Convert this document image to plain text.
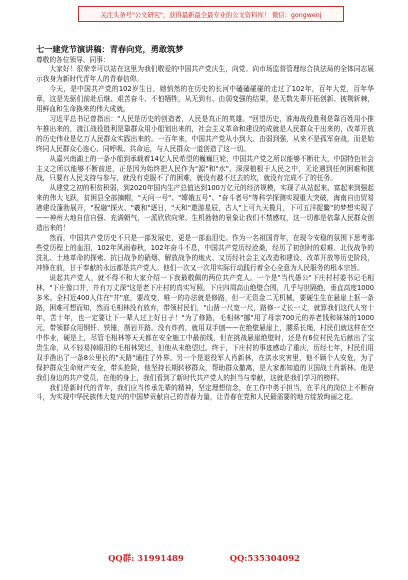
关注头条号"公文研究"，获得最新最全最专业的公文资料库！ 微信：gongwenj

七一建党节演讲稿：青春向党，勇敢筑梦

尊敬的各位领导、同事：

大家好！很荣幸可以站在这里为我们敬爱的中国共产党庆生，向党、向市场监督管理综合执法局的全体同志展示我身为新时代青年人的青春信仰。

今天，是中国共产党的102岁生日，她悄然的在历史的长河中磕磕碰碰的走过了102年，百年大党，百年华章，这是先驱们前赴后继、艰苦奋斗、不怕牺牲，从无到有、由弱变强的结果，是无数先辈开拓创新、披荆斩棘，用鲜血和生命换来的伟大成就。

习近平总书记曾指出："人民是历史的创造者，人民是真正的英雄。"回望历史，准海战役胜利是靠百姓用小推车推出来的，渡江战役胜利是靠群众用小船划出来的，社会主义革命和建设的成就是人民群众干出来的，改革开放的历史伟业是亿万人民群众实践出来的。一百年来，中国共产党从小到大、由弱到强，从来不是孤军奋战，而是始终同人民群众心连心、同呼吸、共命运，与人民群众一道创造了这一切。

从嘉兴南湖上的一条小船到承载着14亿人民希望的巍巍巨轮，中国共产党之所以能够不断壮大，中国特色社会主义之所以能够不断前进，正是因为始终把人民作为"源"和"水"，深深植根于人民之中，无论遇到任何困难和挑战，只要有人民支持与参与，就没有克服不了的困难，就没有越不过去的坎，就没有完成不了的任务。

从建党之初的积贫积弱，到2020年国内生产总值达到100万亿元的经济规模，实现了从站起来、富起来到强起来的伟大飞跃，贫困县全部摘帽，"天问一号"、"嫦娥五号"、"奋斗者号"等科学探测实现重大突破，海南自由贸易港建设蓬勃展开，"祝融"探火、"羲和"逐日，"天和"遨游星辰，古人"上可九天揽月，下可五洋捉鳖"的梦想实现了——神州大地自信自强、充满朝气，一派欣欣向荣、生机勃勃的景象让我们不禁感叹，这一切都是依靠人民群众创造出来的！

然而，中国共产党历史不只是一部发展史，更是一部血泪史。作为一名祖国青年，在现今安稳的氛围下思考那些党历程上的血泪，102年风雨春秋，102年奋斗不息，中国共产党历经沧桑，经历了初创时的艰难、北伐战争的洗礼、土地革命的探索、抗日战争的硝烟、解放战争的炮火、又历经社会主义改造和建设、改革开放等历史阶段，冲锋在前，甘于奉献的永远都是共产党人。他们一次又一次用实际行动践行着全心全意为人民服务的根本宗旨。

说起共产党人，就不得不和大家介绍一下我最敬佩的两位共产党人。一个是"当代愚公"下庄村村委书记毛相林，"下庄像口井，井有万丈深"这是老下庄村的真实写照。下庄四周高山绝壁合围，几乎与世隔绝，垂直高度1000多米。全村近400人住在"井"底，要改变，唯一的办法就是修路，但一无资金二无机械，要硬生生在悬崖上抠一条路，困难可想而知，然而毛相林没有放弃，带领村民们，"山凿一尺宽一尺，路修一丈长一丈，就算我们这代人穷十年，苦十年，也一定要让下一辈人过上好日子！"为了修路，毛相林"挪"用了母亲700元的养老钱和妹妹的1000元，带领群众用钢钎、铁锤，凿岩开路。没有炸药，就用双手刨——在绝壁悬崖上，腰系长绳，村民们就这样在空中作业，硬是上，尽管毛相林等天天都在安全施工中最前线，但在挑战悬崖绝壁时，还是有6位村民先后献出了宝贵生命，从不轻易掉眼泪的毛相林哭过，但他从未绝望过。终于，下庄村的事迹感动了重庆，历经七年，村民们用双手凿出了一条8公里长的"天路"通往了外界。另一个是退役军人肖新林，在洪水灾害里，他不顾个人安危，为了保护群众生命财产安全，带头抢险，他坚持长期转移群众，帮助群众撤离，是大家都知道的卫国战士肖新林。他是我们身边的共产党员，在他的身上，我们看到了新时代共产党人的担当与奉献，这就是我们学习的榜样。

我们是新时代的青年，我们应当传承先辈的精神，坚定理想信念，在工作中勇于担当，在平凡的岗位上不断奋斗，为实现中华民族伟大复兴的中国梦贡献自己的青春力量，让青春在党和人民最需要的地方绽放绚丽之花。

QQ群: 31991489	QQ:535304092
